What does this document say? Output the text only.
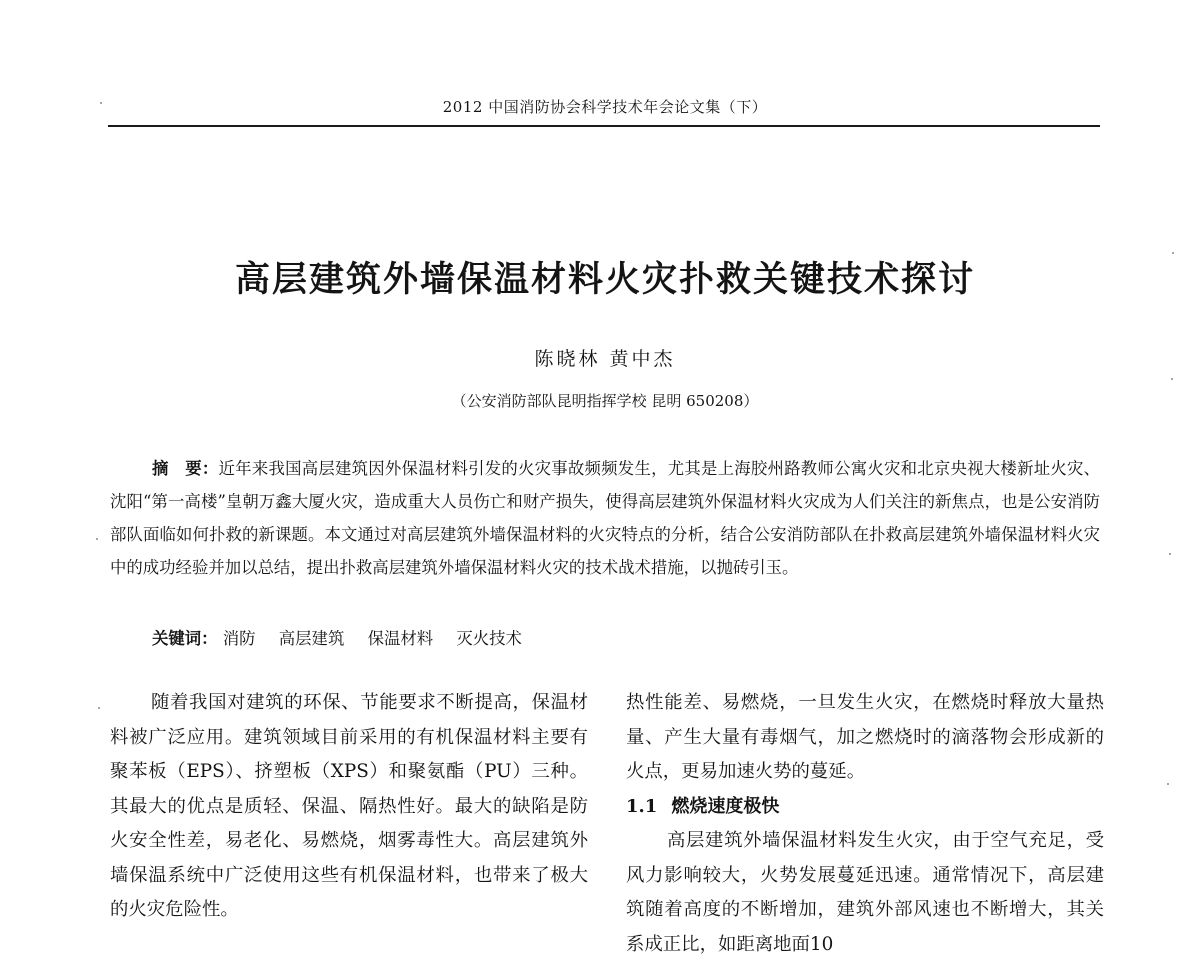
2012 中国消防协会科学技术年会论文集（下）
高层建筑外墙保温材料火灾扑救关键技术探讨
陈晓林 黄中杰
（公安消防部队昆明指挥学校 昆明 650208）

摘　要：近年来我国高层建筑因外保温材料引发的火灾事故频频发生，尤其是上海胶州路教师公寓火灾和北京央视大楼新址火灾、沈阳“第一高楼”皇朝万鑫大厦火灾，造成重大人员伤亡和财产损失，使得高层建筑外保温材料火灾成为人们关注的新焦点，也是公安消防部队面临如何扑救的新课题。本文通过对高层建筑外墙保温材料的火灾特点的分析，结合公安消防部队在扑救高层建筑外墙保温材料火灾中的成功经验并加以总结，提出扑救高层建筑外墙保温材料火灾的技术战术措施，以抛砖引玉。

关键词： 消防 高层建筑 保温材料 灭火技术

随着我国对建筑的环保、节能要求不断提高，保温材料被广泛应用。建筑领域目前采用的有机保温材料主要有聚苯板（EPS）、挤塑板（XPS）和聚氨酯（PU）三种。其最大的优点是质轻、保温、隔热性好。最大的缺陷是防火安全性差，易老化、易燃烧，烟雾毒性大。高层建筑外墙保温系统中广泛使用这些有机保温材料，也带来了极大的火灾危险性。

热性能差、易燃烧，一旦发生火灾，在燃烧时释放大量热量、产生大量有毒烟气，加之燃烧时的滴落物会形成新的火点，更易加速火势的蔓延。

1.1 燃烧速度极快

高层建筑外墙保温材料发生火灾，由于空气充足，受风力影响较大，火势发展蔓延迅速。通常情况下，高层建筑随着高度的不断增加，建筑外部风速也不断增大，其关系成正比，如距离地面10
